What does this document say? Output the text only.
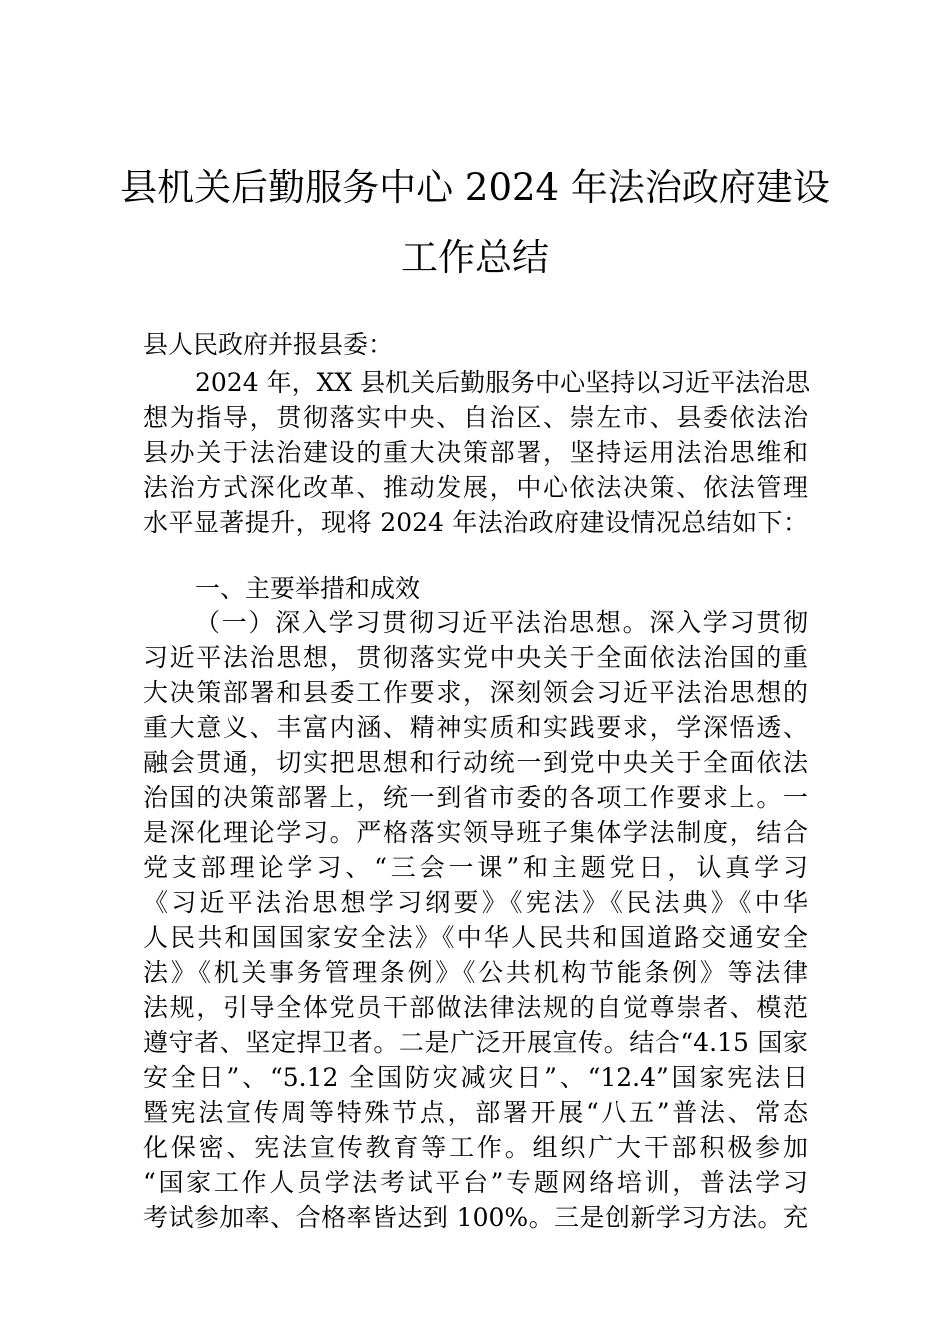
县机关后勤服务中心 2024 年法治政府建设
工作总结
县人民政府并报县委：
2024 年，XX 县机关后勤服务中心坚持以习近平法治思
想为指导，贯彻落实中央、自治区、崇左市、县委依法治
县办关于法治建设的重大决策部署，坚持运用法治思维和
法治方式深化改革、推动发展，中心依法决策、依法管理
水平显著提升，现将 2024 年法治政府建设情况总结如下：
一、主要举措和成效
（一）深入学习贯彻习近平法治思想。深入学习贯彻
习近平法治思想，贯彻落实党中央关于全面依法治国的重
大决策部署和县委工作要求，深刻领会习近平法治思想的
重大意义、丰富内涵、精神实质和实践要求，学深悟透、
融会贯通，切实把思想和行动统一到党中央关于全面依法
治国的决策部署上，统一到省市委的各项工作要求上。一
是深化理论学习。严格落实领导班子集体学法制度，结合
党支部理论学习、“三会一课”和主题党日，认真学习
《习近平法治思想学习纲要》《宪法》《民法典》《中华
人民共和国国家安全法》《中华人民共和国道路交通安全
法》《机关事务管理条例》《公共机构节能条例》等法律
法规，引导全体党员干部做法律法规的自觉尊崇者、模范
遵守者、坚定捍卫者。二是广泛开展宣传。结合“4.15 国家
安全日”、“5.12 全国防灾减灾日”、“12.4”国家宪法日
暨宪法宣传周等特殊节点，部署开展“八五”普法、常态
化保密、宪法宣传教育等工作。组织广大干部积极参加
“国家工作人员学法考试平台”专题网络培训，普法学习
考试参加率、合格率皆达到 100%。三是创新学习方法。充
